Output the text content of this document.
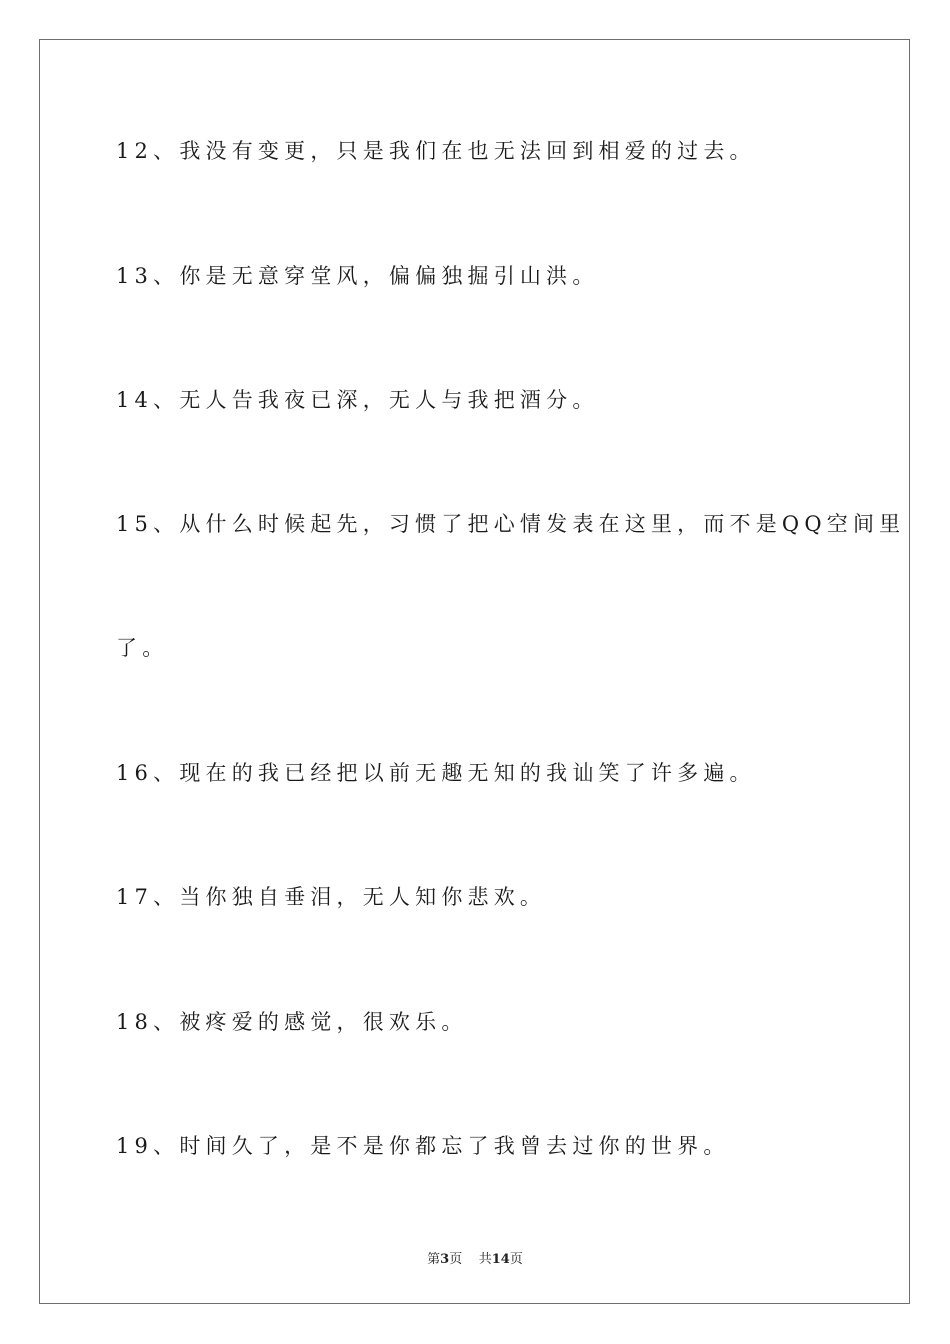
12、我没有变更，只是我们在也无法回到相爱的过去。
13、你是无意穿堂风，偏偏独掘引山洪。
14、无人告我夜已深，无人与我把酒分。
15、从什么时候起先，习惯了把心情发表在这里，而不是QQ空间里
了。
16、现在的我已经把以前无趣无知的我讪笑了许多遍。
17、当你独自垂泪，无人知你悲欢。
18、被疼爱的感觉，很欢乐。
19、时间久了，是不是你都忘了我曾去过你的世界。
第3页 共14页
